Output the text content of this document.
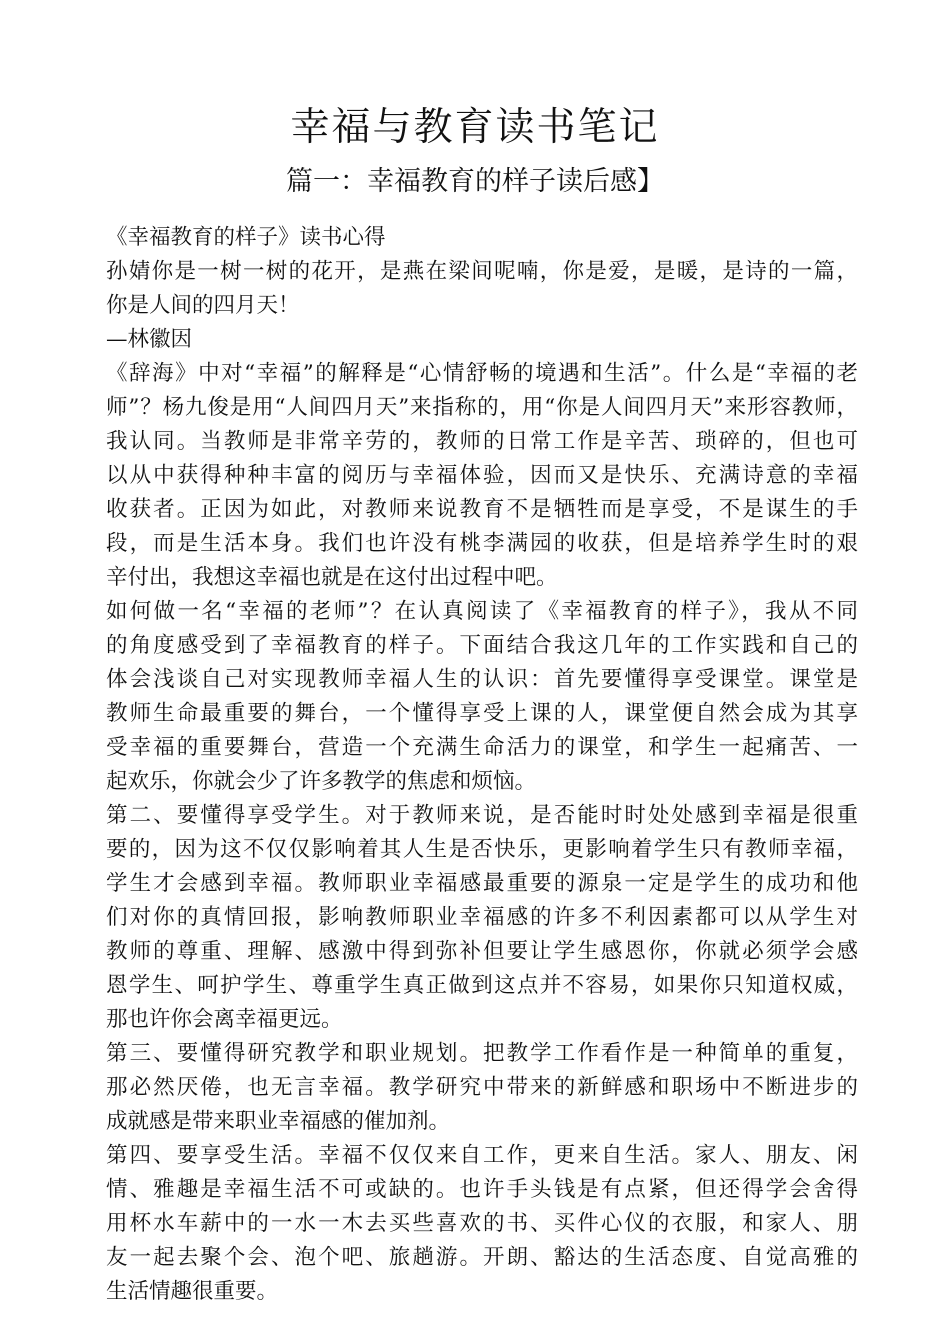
幸福与教育读书笔记
篇一：幸福教育的样子读后感】
《幸福教育的样子》读书心得
孙婧你是一树一树的花开，是燕在梁间呢喃，你是爱，是暖，是诗的一篇，
你是人间的四月天！
—林徽因
《辞海》中对“幸福”的解释是“心情舒畅的境遇和生活”。什么是“幸福的老
师”？杨九俊是用“人间四月天”来指称的，用“你是人间四月天”来形容教师，
我认同。当教师是非常辛劳的，教师的日常工作是辛苦、琐碎的，但也可
以从中获得种种丰富的阅历与幸福体验，因而又是快乐、充满诗意的幸福
收获者。正因为如此，对教师来说教育不是牺牲而是享受，不是谋生的手
段，而是生活本身。我们也许没有桃李满园的收获，但是培养学生时的艰
辛付出，我想这幸福也就是在这付出过程中吧。
如何做一名“幸福的老师”？在认真阅读了《幸福教育的样子》，我从不同
的角度感受到了幸福教育的样子。下面结合我这几年的工作实践和自己的
体会浅谈自己对实现教师幸福人生的认识：首先要懂得享受课堂。课堂是
教师生命最重要的舞台，一个懂得享受上课的人，课堂便自然会成为其享
受幸福的重要舞台，营造一个充满生命活力的课堂，和学生一起痛苦、一
起欢乐，你就会少了许多教学的焦虑和烦恼。
第二、要懂得享受学生。对于教师来说，是否能时时处处感到幸福是很重
要的，因为这不仅仅影响着其人生是否快乐，更影响着学生只有教师幸福，
学生才会感到幸福。教师职业幸福感最重要的源泉一定是学生的成功和他
们对你的真情回报，影响教师职业幸福感的许多不利因素都可以从学生对
教师的尊重、理解、感激中得到弥补但要让学生感恩你，你就必须学会感
恩学生、呵护学生、尊重学生真正做到这点并不容易，如果你只知道权威，
那也许你会离幸福更远。
第三、要懂得研究教学和职业规划。把教学工作看作是一种简单的重复，
那必然厌倦，也无言幸福。教学研究中带来的新鲜感和职场中不断进步的
成就感是带来职业幸福感的催加剂。
第四、要享受生活。幸福不仅仅来自工作，更来自生活。家人、朋友、闲
情、雅趣是幸福生活不可或缺的。也许手头钱是有点紧，但还得学会舍得
用杯水车薪中的一水一木去买些喜欢的书、买件心仪的衣服，和家人、朋
友一起去聚个会、泡个吧、旅趟游。开朗、豁达的生活态度、自觉高雅的
生活情趣很重要。
